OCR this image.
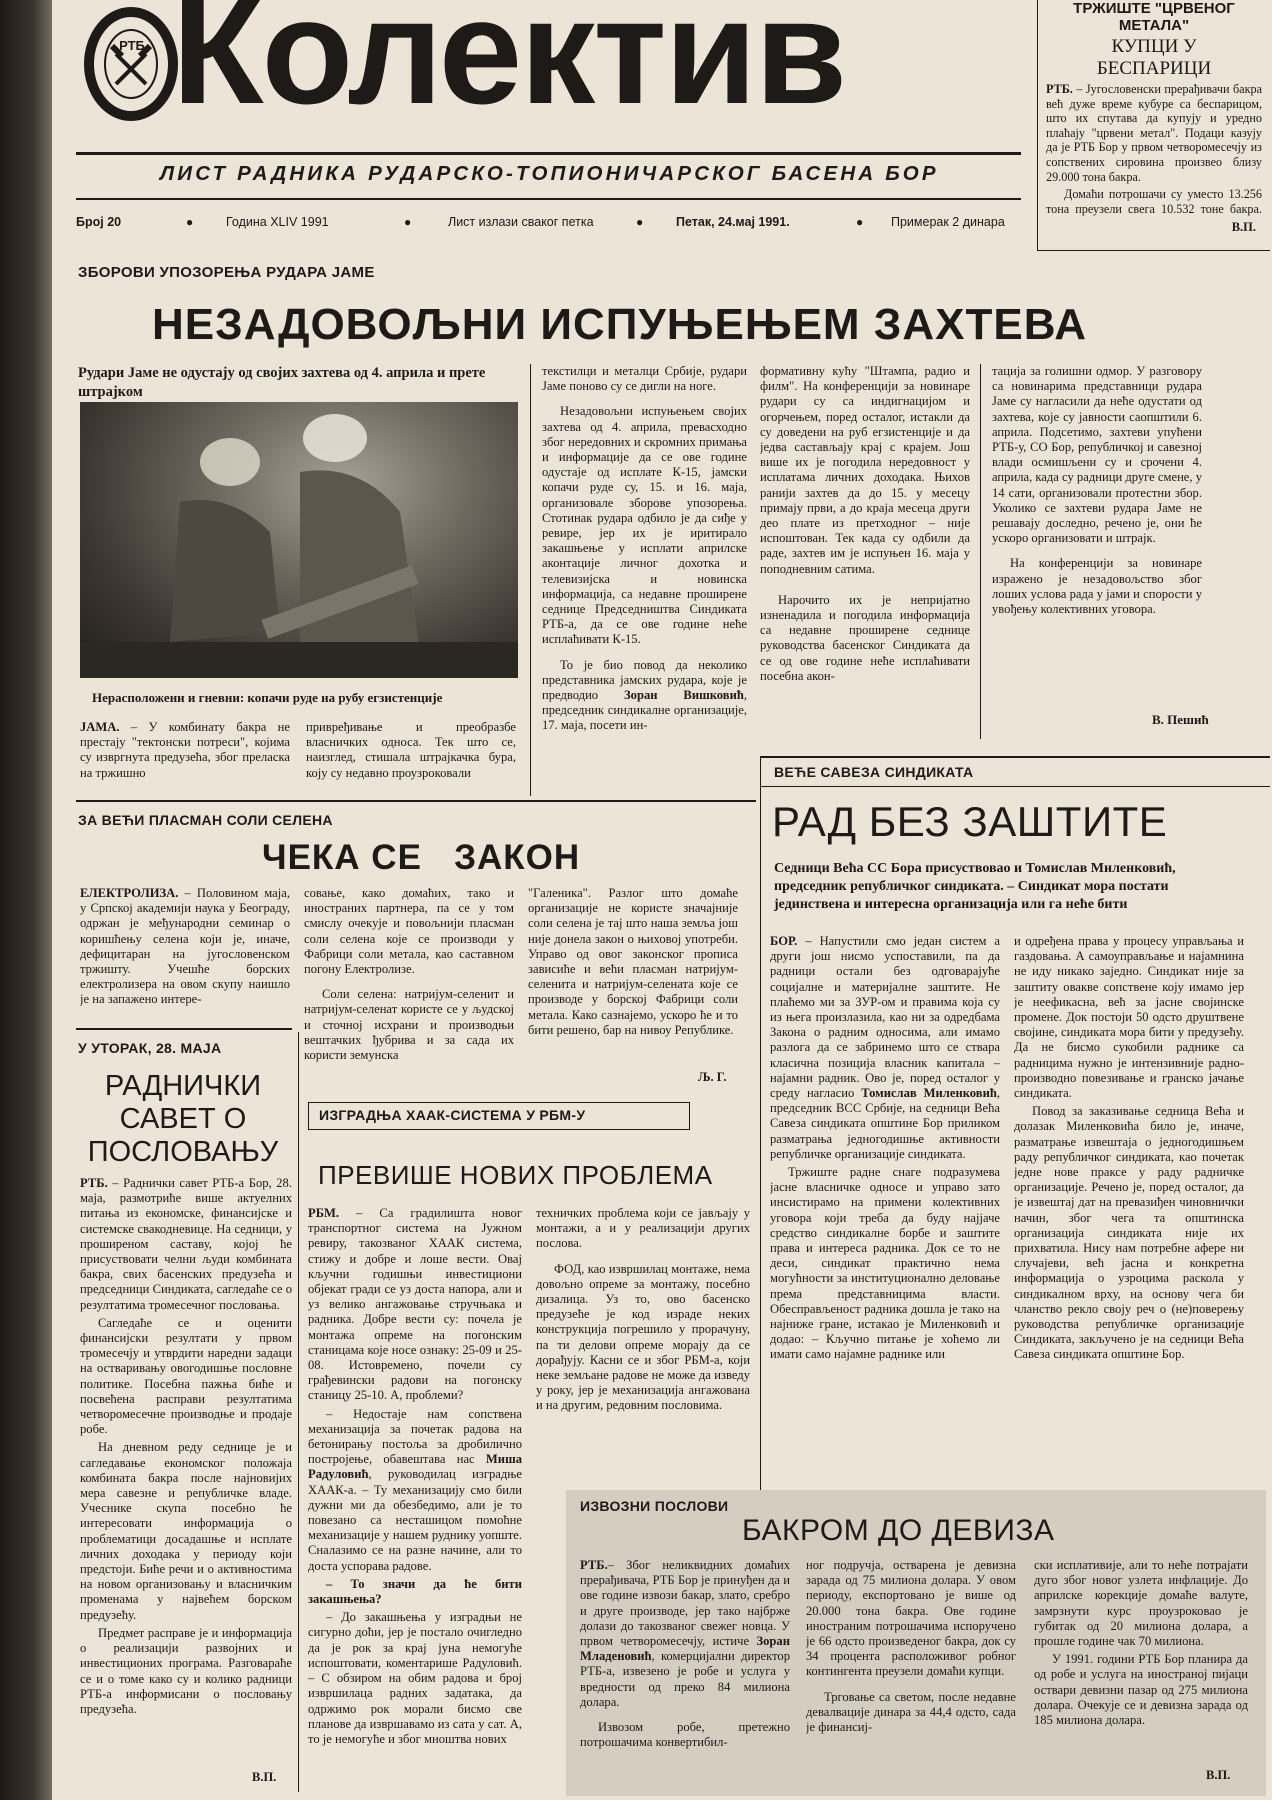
РТБ Колектив
ЛИСТ РАДНИКА РУДАРСКО-ТОПИОНИЧАРСКОГ БАСЕНА БОР
Број 20	●	Година XLIV 1991	●	Лист излази сваког петка	●	Петак, 24.мај 1991.	● Примерак 2 динара
ТРЖИШТЕ "ЦРВЕНОГ МЕТАЛА"
КУПЦИ У БЕСПАРИЦИ

РТБ. – Југословенски прерађивачи бакра већ дуже време кубуре са беспарицом, што их спутава да купују и уредно плаћају "црвени метал". Подаци казују да је РТБ Бор у првом четворомесечју из сопствених сировина произвео близу 29.000 тона бакра.

Домаћи потрошачи су уместо 13.256 тона преузели свега 10.532 тоне бакра.

В.П.
ЗБОРОВИ УПОЗОРЕЊА РУДАРА ЈАМЕ
НЕЗАДОВОЉНИ ИСПУЊЕЊЕМ ЗАХТЕВА
Рудари Јаме не одустају од својих захтева од 4. априла и прете штрајком
Нерасположени и гневни: копачи руде на рубу егзистенције

ЈАМА. – У комбинату бакра не престају "тектонски потреси", којима су извргнута предузећа, због преласка на тржишно

привређивање и преобразбе власничких односа. Тек што се, наизглед, стишала штрајкачка бура, коју су недавно проузроковали

текстилци и металци Србије, рудари Јаме поново су се дигли на ноге.

Незадовољни испуњењем својих захтева од 4. априла, превасходно због нередовних и скромних примања и информације да се ове године одустаје од исплате К-15, јамски копачи руде су, 15. и 16. маја, организовале зборове упозорења. Стотинак рудара одбило је да сиђе у ревире, јер их је иритирало закашњење у исплати априлске аконтације личног дохотка и телевизијска и новинска информација, са недавне проширене седнице Председништва Синдиката РТБ-а, да се ове године неће исплаћивати К-15.

То је био повод да неколико представника јамских рудара, које је предводио Зоран Вишковић, председник синдикалне организације, 17. маја, посети ин-

формативну кућу "Штампа, радио и филм". На конференцији за новинаре рудари су са индигнацијом и огорчењем, поред осталог, истакли да су доведени на руб егзистенције и да једва састављају крај с крајем. Још више их је погодила нередовност у исплатама личних доходака. Њихов ранији захтев да до 15. у месецу примају први, а до краја месеца други део плате из претходног – није испоштован. Тек када су одбили да раде, захтев им је испуњен 16. маја у поподневним сатима.

Нарочито их је непријатно изненадила и погодила информација са недавне проширене седнице руководства басенског Синдиката да се од ове године неће исплаћивати посебна акон-

тација за голишни одмор. У разговору са новинарима представници рудара Јаме су нагласили да неће одустати од захтева, које су јавности саопштили 6. априла. Подсетимо, захтеви упућени РТБ-у, СО Бор, републичкој и савезној влади осмишљени су и срочени 4. априла, када су радници друге смене, у 14 сати, организовали протестни збор. Уколико се захтеви рудара Јаме не решавају доследно, речено је, они ће ускоро организовати и штрајк.

На конференцији за новинаре изражено је незадовољство због лоших услова рада у јами и спорости у увођењу колективних уговора.

В. Пешић
ЗА ВЕЋИ ПЛАСМАН СОЛИ СЕЛЕНА
ЧЕКА СЕ   ЗАКОН

ЕЛЕКТРОЛИЗА. – Половином маја, у Српској академији наука у Београду, одржан је међународни семинар о коришћењу селена који је, иначе, дефицитаран на југословенском тржишту. Учешће борских електролизера на овом скупу наишло је на запажено интере-

совање, како домаћих, тако и иностраних партнера, па се у том смислу очекује и повољнији пласман соли селена које се производи у Фабрици соли метала, као саставном погону Електролизе.

Соли селена: натријум-селенит и натријум-селенат користе се у људској и сточној исхрани и производњи вештачких ђубрива и за сада их користи земунска

"Галеника". Разлог што домаће организације не користе значајније соли селена је тај што наша земља још није донела закон о њиховој употреби. Управо од овог законског прописа зависиће и већи пласман натријум-селенита и натријум-селената које се производе у борској Фабрици соли метала. Како сазнајемо, ускоро ће и то бити решено, бар на нивоу Републике.

Љ. Г.
У УТОРАК, 28. МАЈА
РАДНИЧКИ
САВЕТ О
ПОСЛОВАЊУ

РТБ. – Раднички савет РТБ-а Бор, 28. маја, размотриће више актуелних питања из економске, финансијске и системске свакодневице. На седници, у проширеном саставу, којој ће присуствовати челни људи комбината бакра, свих басенских предузећа и председници Синдиката, сагледаће се о резултатима тромесечног пословања.

Сагледаће се и оценити финансијски резултати у првом тромесечју и утврдити наредни задаци на остваривању овогодишње пословне политике. Посебна пажња биће и посвећена расправи резултатима четворомесечне производње и продаје робе.

На дневном реду седнице је и сагледавање економског положаја комбината бакра после најновијих мера савезне и републичке владе. Учеснике скупа посебно ће интересовати информација о проблематици досадашње и исплате личних доходака у периоду који предстоји. Биће речи и о активностима на новом организовању и власничким променама у највећем борском предузећу.

Предмет расправе је и информација о реализацији развојних и инвестиционих програма. Разговараће се и о томе како су и колико радници РТБ-а информисани о пословању предузећа.

В.П.
ИЗГРАДЊА ХААК-СИСТЕМА У РБМ-У
ПРЕВИШЕ НОВИХ ПРОБЛЕМА

РБМ. – Са градилишта новог транспортног система на Јужном ревиру, такозваног ХААК система, стижу и добре и лоше вести. Овај кључни годишњи инвестициони објекат гради се уз доста напора, али и уз велико ангажовање стручњака и радника. Добре вести су: почела је монтажа опреме на погонским станицама које носе ознаку: 25-09 и 25-08. Истовремено, почели су грађевински радови на погонску станицу 25-10. А, проблеми?

– Недостаје нам сопствена механизација за почетак радова на бетонирању постоља за дробилично постројење, обавештава нас Миша Радуловић, руководилац изградње ХААК-а. – Ту механизацију смо били дужни ми да обезбедимо, али је то повезано са несташицом помоћне механизације у нашем руднику уопште. Сналазимо се на разне начине, али то доста успорава радове.

– То значи да ће бити закашњења?

– До закашњења у изградњи не сигурно доћи, јер је постало очигледно да је рок за крај јуна немогуће испоштовати, коментарише Радуловић. – С обзиром на обим радова и број извршилаца радних задатака, да одржимо рок морали бисмо све планове да извршавамо из сата у сат. А, то је немогуће и због мноштва нових

техничких проблема који се јављају у монтажи, а и у реализацији других послова.

ФОД, као извршилац монтаже, нема довољно опреме за монтажу, посебно дизалица. Уз то, ово басенско предузеће је код израде неких конструкција погрешило у прорачуну, па ти делови опреме морају да се дорађују. Касни се и због РБМ-а, који неке земљане радове не може да изведу у року, јер је механизација ангажована и на другим, редовним пословима.

ВЕЋЕ САВЕЗА СИНДИКАТА
РАД БЕЗ ЗАШТИТЕ
Седници Већа СС Бора присуствовао и Томислав Миленковић, председник републичког синдиката. – Синдикат мора постати јединствена и интересна организација или га неће бити

БОР. – Напустили смо један систем а други још нисмо успоставили, па да радници остали без одговарајуће социјалне и материјалне заштите. Не плаћемо ми за ЗУР-ом и правима која су из њега произлазила, као ни за одредбама Закона о радним односима, али имамо разлога да се забринемо што се ствара класична позиција власник капитала – најамни радник. Ово је, поред осталог у среду нагласио Томислав Миленковић, председник ВСС Србије, на седници Већа Савеза синдиката општине Бор приликом разматрања једногодишње активности републичке организације синдиката.

Тржиште радне снаге подразумева јасне власничке односе и управо зато инсистирамо на примени колективних уговора који треба да буду најјаче средство синдикалне борбе и заштите права и интереса радника. Док се то не деси, синдикат практично нема могућности за институционално деловање према представницима власти. Обесправљеност радника дошла је тако на најниже гране, истакао је Миленковић и додао: – Кључно питање је хоћемо ли имати само најамне раднике или

и одређена права у процесу управљања и газдовања. А самоуправљање и најамнина не иду никако заједно. Синдикат није за заштиту овакве сопствене коју имамо јер је неефикасна, већ за јасне својинске промене. Док постоји 50 одсто друштвене својине, синдиката мора бити у предузећу. Да не бисмо сукобили раднике са радницима нужно је интензивније радно-производно повезивање и гранско јачање синдиката.

Повод за заказивање седница Већа и долазак Миленковића било је, иначе, разматрање извештаја о једногодишњем раду републичког синдиката, као почетак једне нове праксе у раду радничке организације. Речено је, поред осталог, да је извештај дат на превазиђен чиновнички начин, због чега та општинска организација синдиката није их прихватила. Нису нам потребне аферe ни случајеви, већ јасна и конкретна информација о узроцима раскола у синдикалном врху, на основу чега би чланство рекло своју реч о (не)поверењу руководства републичке организације Синдиката, закључено је на седници Већа Савеза синдиката општине Бор.

ИЗВОЗНИ ПОСЛОВИ
БАКРОМ ДО ДЕВИЗА

РТБ.– Због неликвидних домаћих прерађивача, РТБ Бор је принуђен да и ове године извози бакар, злато, сребро и друге производе, јер тако најбрже долази до такозваног свежег новца. У првом четворомесечју, истиче Зоран Младеновић, комерцијални директор РТБ-а, извезено је робе и услуга у вредности од преко 84 милиона долара.

Извозом робе, претежно потрошачима конвертибил-

ног подручја, остварена је девизна зарада од 75 милиона долара. У овом периоду, експортовано је више од 20.000 тона бакра. Ове године иностраним потрошачима испоручено је 66 одсто произведеног бакра, док су 34 процента расположивог робног контингента преузели домаћи купци.

Трговање са светом, после недавне девалвације динара за 44,4 одсто, сада је финансиј-

ски исплативије, али то неће потрајати дуго због новог узлета инфлације. До априлске корекције домаће валуте, замрзнути курс проузроковао је губитак од 20 милиона долара, а прошле године чак 70 милиона.

У 1991. години РТБ Бор планира да од робе и услуга на иностраној пијаци оствари девизни пазар од 275 милиона долара. Очекује се и девизна зарада од 185 милиона долара.

В.П.
